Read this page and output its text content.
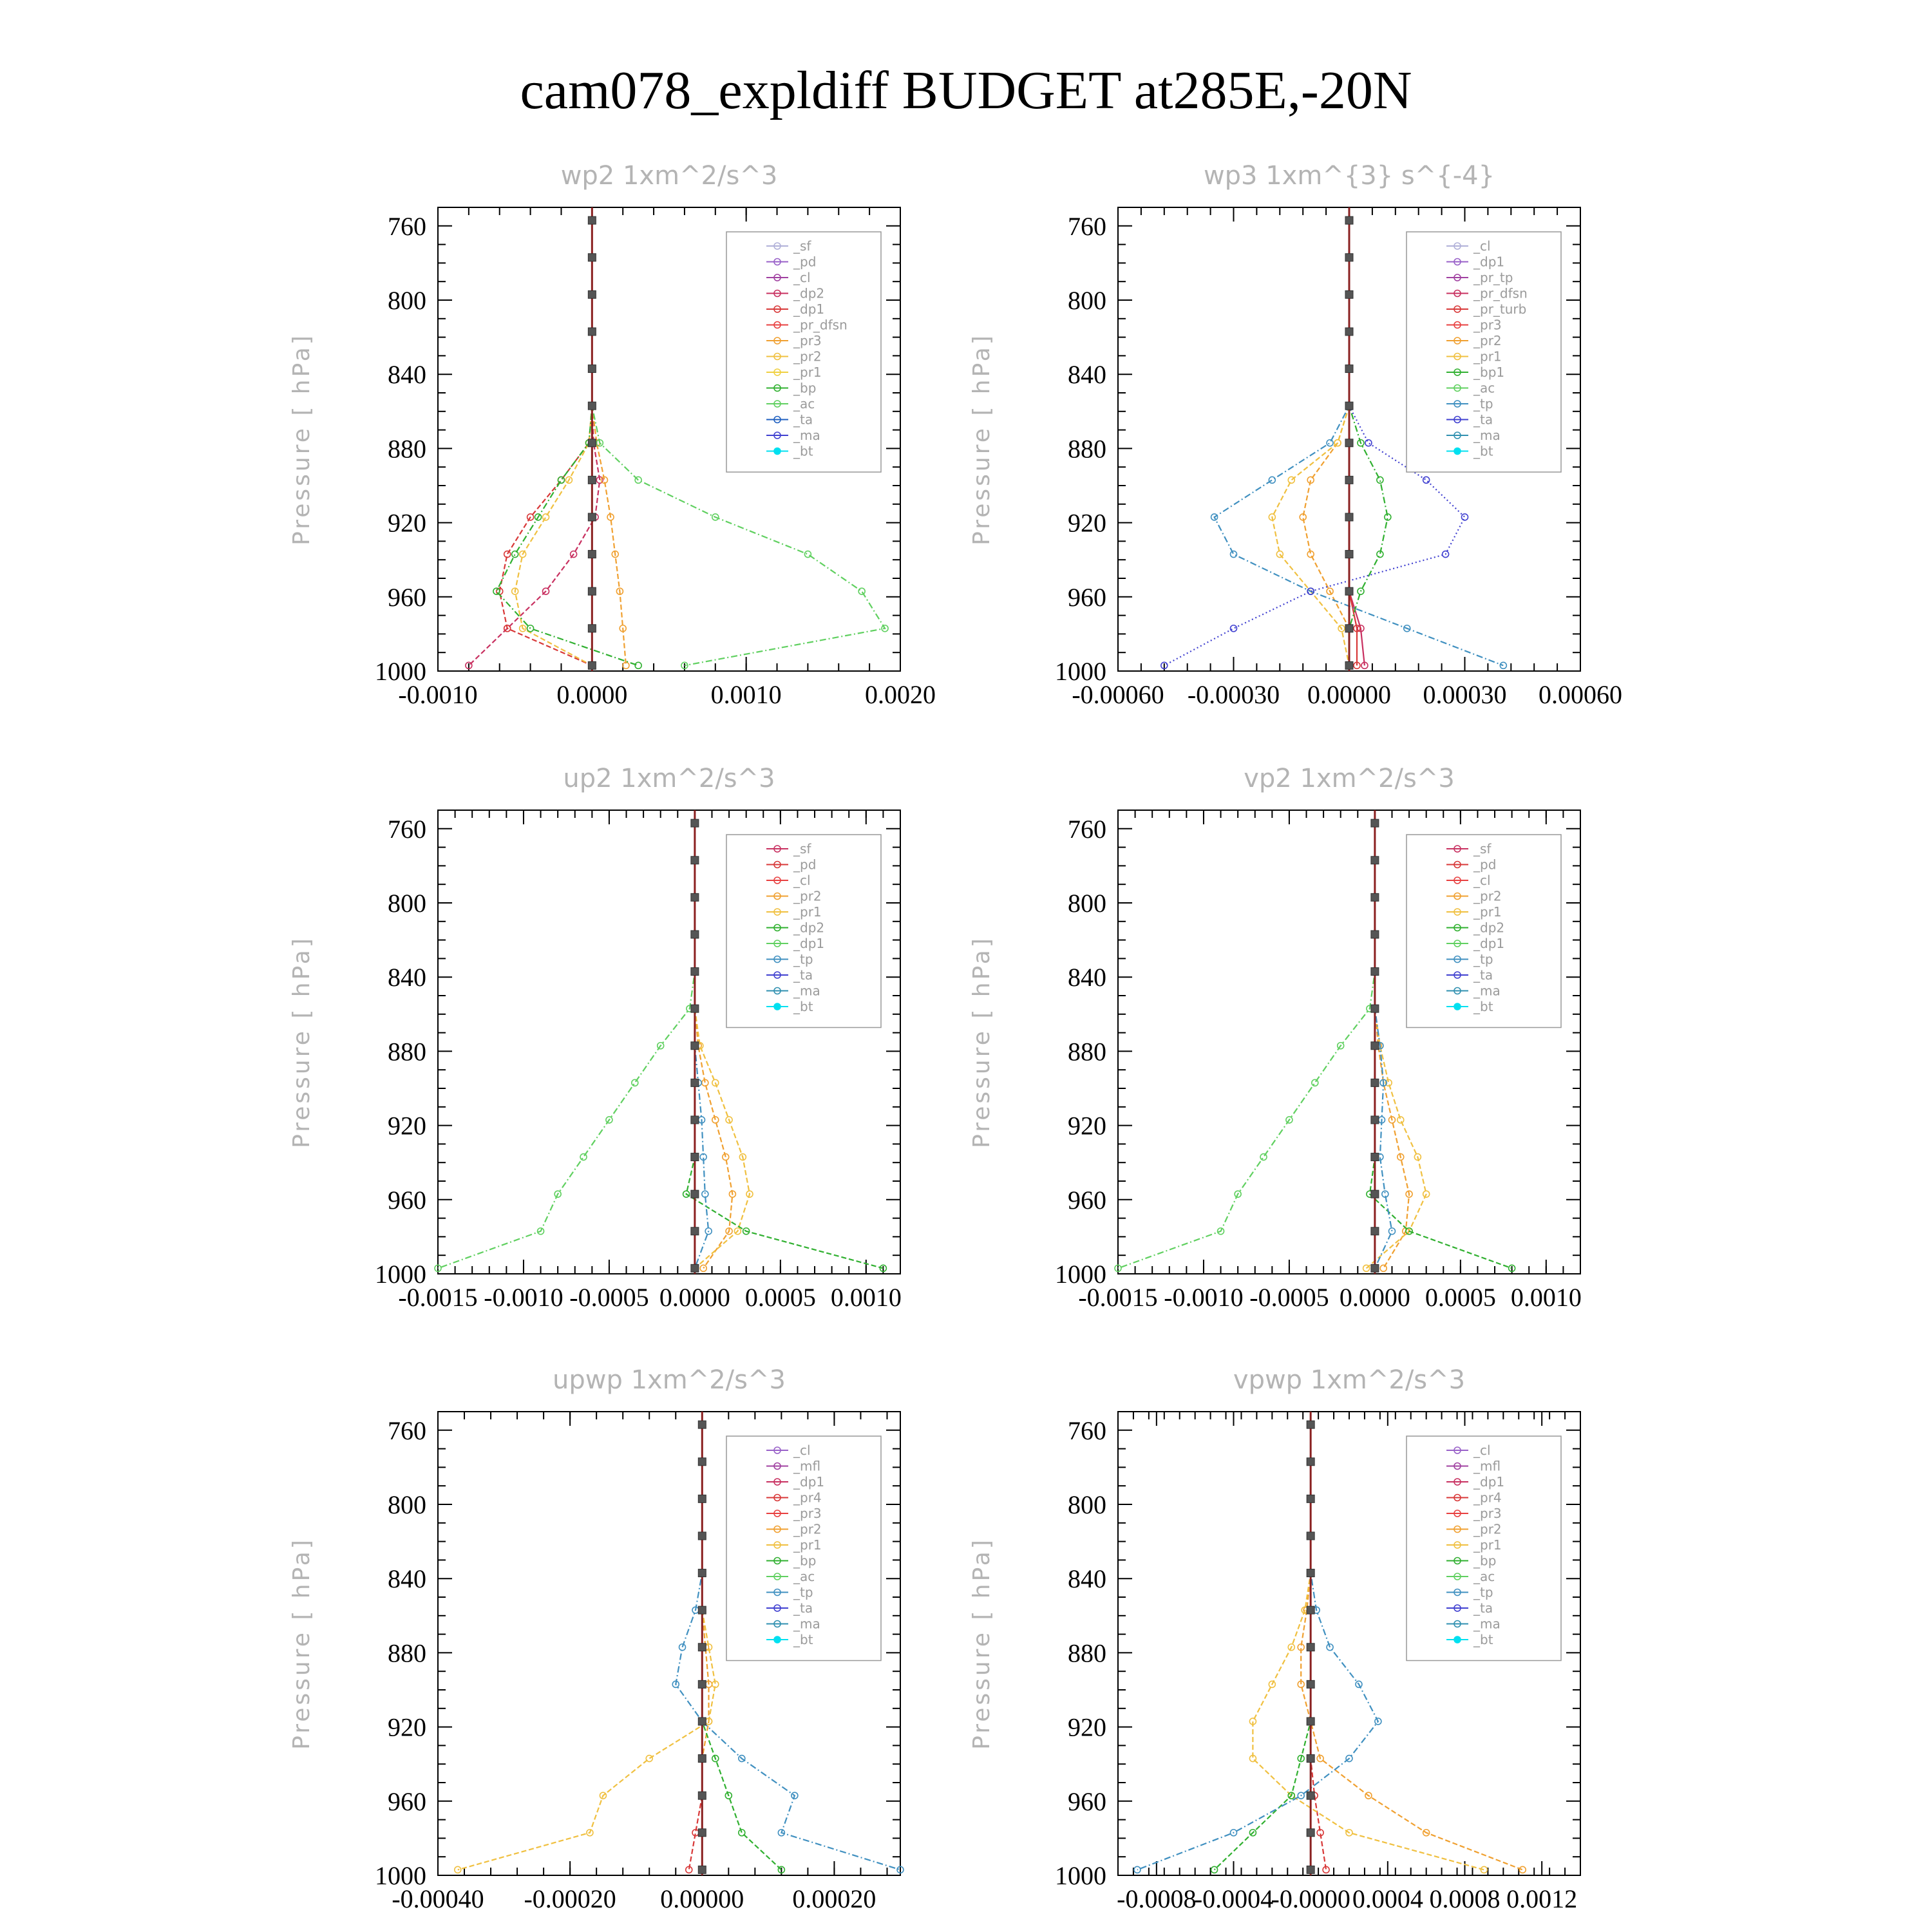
cam078_expldiff BUDGET at285E,-20N
wp2 1xm^2/s^3
Pressure [ hPa]
760
800
840
880
920
960
1000
-0.0010	0.0000	0.0010	0.0020
_sf
_pd
_cl
_dp2
_dp1
_pr_dfsn
_pr3
_pr2
_pr1
_bp
_ac
_ta
_ma
_bt
wp3 1xm^{3} s^{-4}
Pressure [ hPa]
760
800
840
880
920
960
1000
-0.00060 -0.00030 0.00000 0.00030 0.00060
_cl
_dp1
_pr_tp
_pr_dfsn
_pr_turb
_pr3
_pr2
_pr1
_bp1
_ac
_tp
_ta
_ma
_bt
up2 1xm^2/s^3
Pressure [ hPa]
760
800
840
880
920
960
1000
-0.0015 -0.0010 -0.0005 0.0000 0.0005 0.0010
_sf
_pd
_cl
_pr2
_pr1
_dp2
_dp1
_tp
_ta
_ma
_bt
vp2 1xm^2/s^3
Pressure [ hPa]
760
800
840
880
920
960
1000
-0.0015 -0.0010 -0.0005 0.0000 0.0005 0.0010
_sf
_pd
_cl
_pr2
_pr1
_dp2
_dp1
_tp
_ta
_ma
_bt
upwp 1xm^2/s^3
Pressure [ hPa]
760
800
840
880
920
960
1000
-0.00040 -0.00020 0.00000 0.00020
_cl
_mfl
_dp1
_pr4
_pr3
_pr2
_pr1
_bp
_ac
_tp
_ta
_ma
_bt
vpwp 1xm^2/s^3
Pressure [ hPa]
760
800
840
880
920
960
1000
-0.0008
-0.0004
-0.0000 0.0004 0.0008 0.0012
_cl
_mfl
_dp1
_pr4
_pr3
_pr2
_pr1
_bp
_ac
_tp
_ta
_ma
_bt
